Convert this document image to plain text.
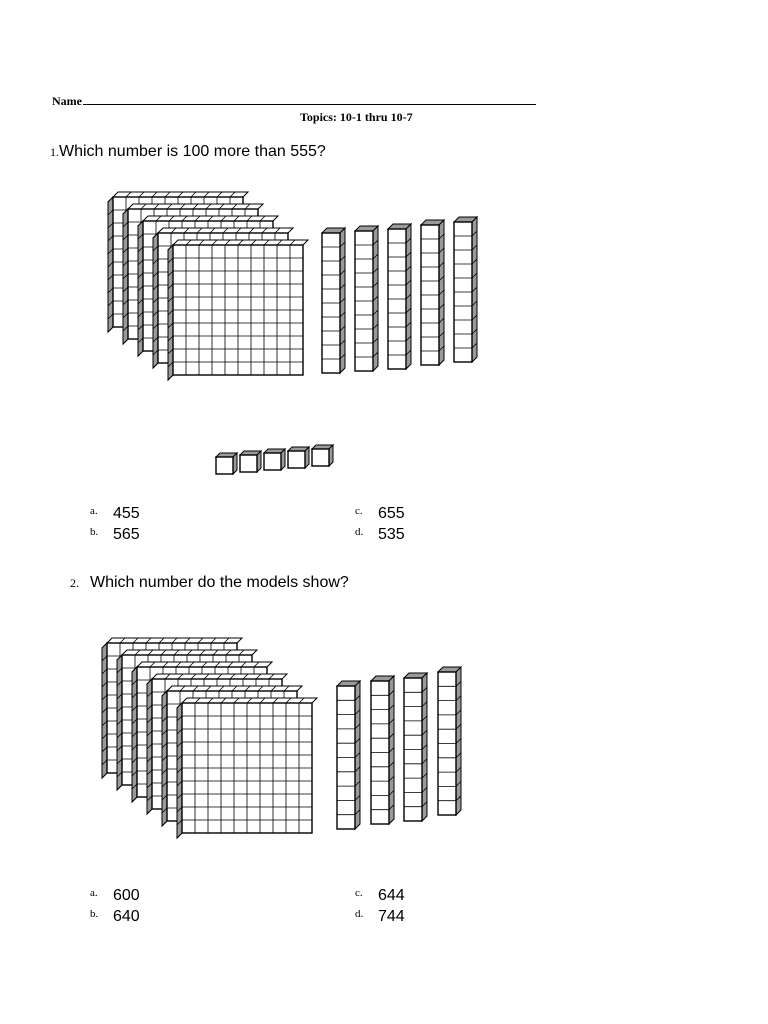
Name
Topics: 10-1 thru 10-7
1.Which number is 100 more than 555?
a. 455
b. 565
c. 655
d. 535
2. Which number do the models show?
a. 600
b. 640
c. 644
d. 744
